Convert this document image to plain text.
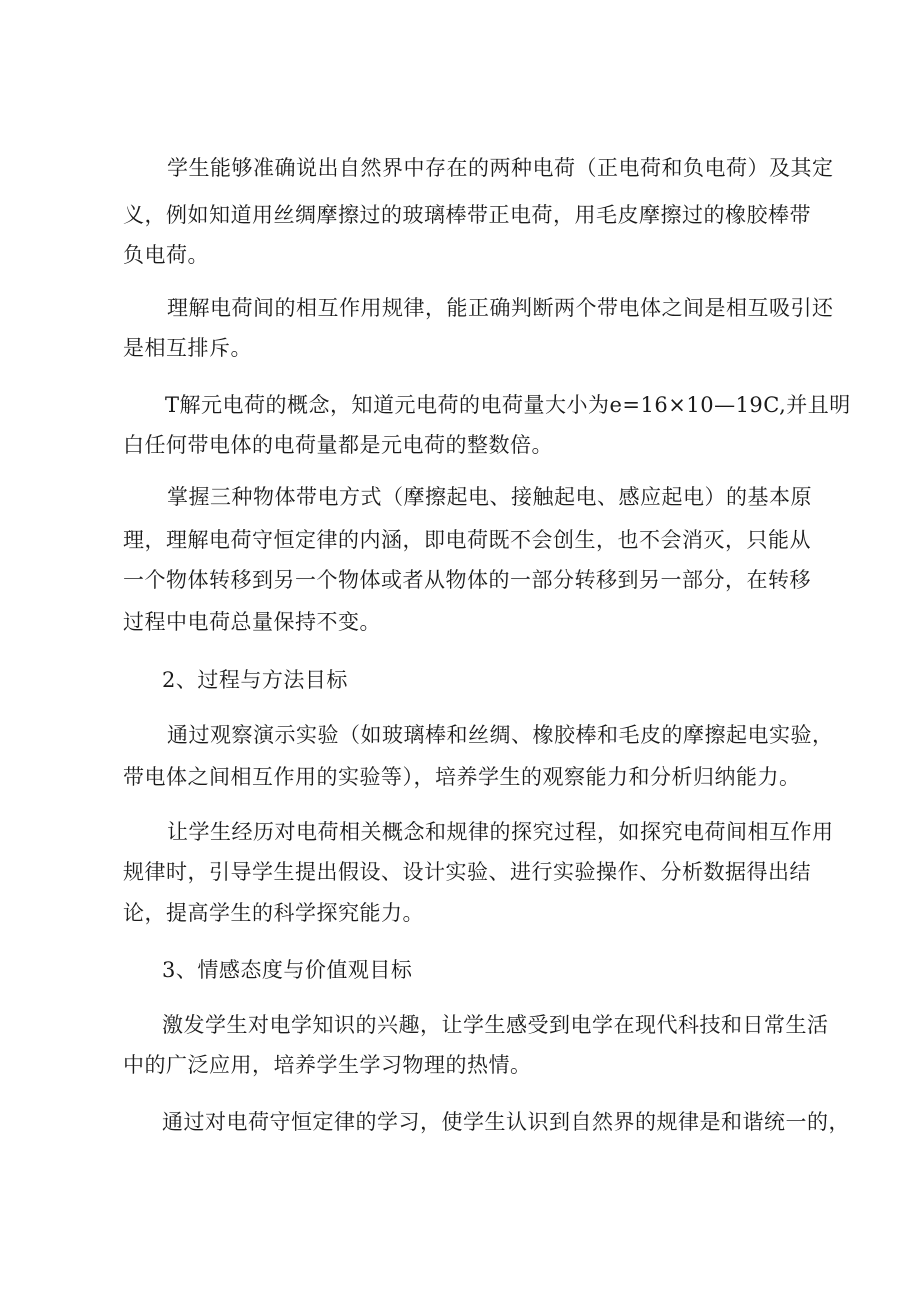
学生能够准确说出自然界中存在的两种电荷（正电荷和负电荷）及其定
义，例如知道用丝绸摩擦过的玻璃棒带正电荷，用毛皮摩擦过的橡胶棒带
负电荷。
理解电荷间的相互作用规律，能正确判断两个带电体之间是相互吸引还
是相互排斥。
T解元电荷的概念，知道元电荷的电荷量大小为e=16×10—19C,并且明
白任何带电体的电荷量都是元电荷的整数倍。
掌握三种物体带电方式（摩擦起电、接触起电、感应起电）的基本原
理，理解电荷守恒定律的内涵，即电荷既不会创生，也不会消灭，只能从
一个物体转移到另一个物体或者从物体的一部分转移到另一部分，在转移
过程中电荷总量保持不变。
2、过程与方法目标
通过观察演示实验（如玻璃棒和丝绸、橡胶棒和毛皮的摩擦起电实验，
带电体之间相互作用的实验等），培养学生的观察能力和分析归纳能力。
让学生经历对电荷相关概念和规律的探究过程，如探究电荷间相互作用
规律时，引导学生提出假设、设计实验、进行实验操作、分析数据得出结
论，提高学生的科学探究能力。
3、情感态度与价值观目标
激发学生对电学知识的兴趣，让学生感受到电学在现代科技和日常生活
中的广泛应用，培养学生学习物理的热情。
通过对电荷守恒定律的学习，使学生认识到自然界的规律是和谐统一的，
